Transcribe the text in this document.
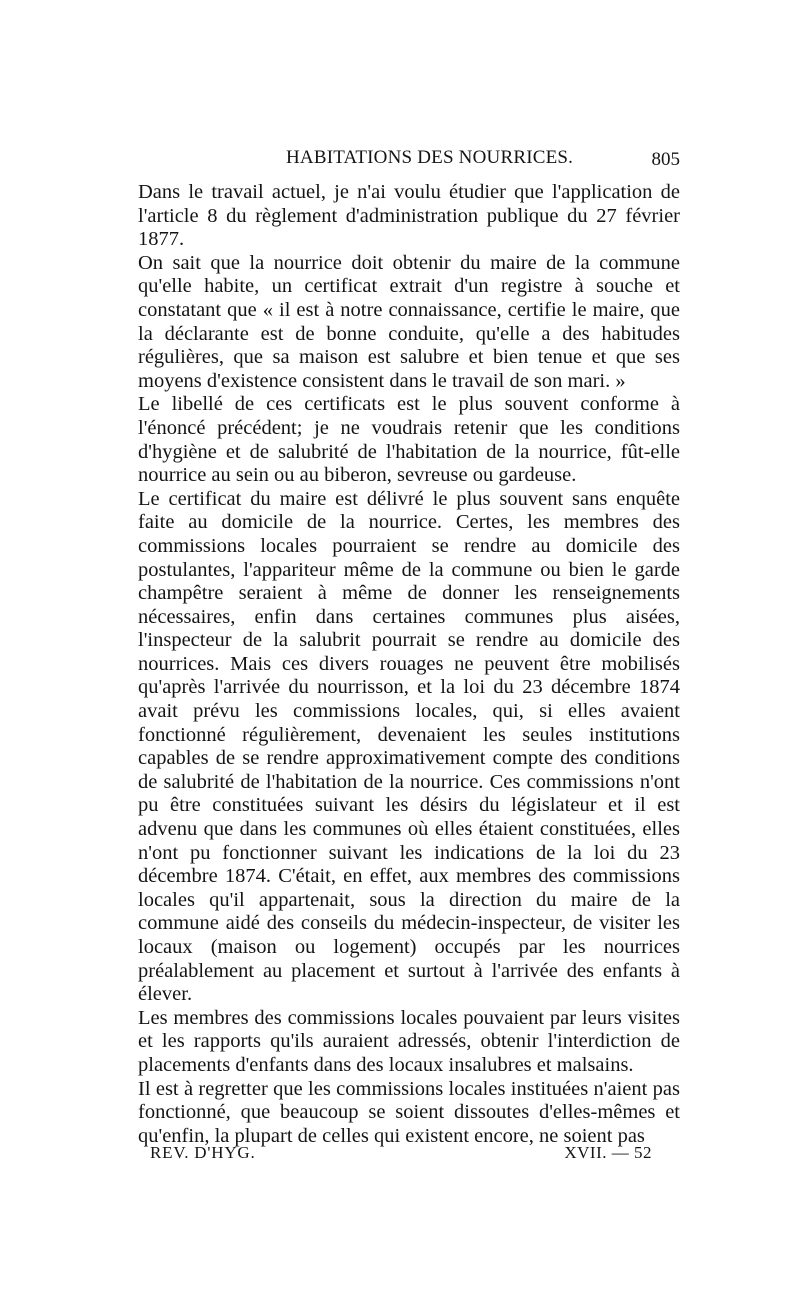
HABITATIONS DES NOURRICES.	805

Dans le travail actuel, je n'ai voulu étudier que l'application de l'article 8 du règlement d'administration publique du 27 février 1877.

On sait que la nourrice doit obtenir du maire de la commune qu'elle habite, un certificat extrait d'un registre à souche et constatant que « il est à notre connaissance, certifie le maire, que la déclarante est de bonne conduite, qu'elle a des habitudes régulières, que sa maison est salubre et bien tenue et que ses moyens d'existence consistent dans le travail de son mari. »

Le libellé de ces certificats est le plus souvent conforme à l'énoncé précédent; je ne voudrais retenir que les conditions d'hygiène et de salubrité de l'habitation de la nourrice, fût-elle nourrice au sein ou au biberon, sevreuse ou gardeuse.

Le certificat du maire est délivré le plus souvent sans enquête faite au domicile de la nourrice. Certes, les membres des commissions locales pourraient se rendre au domicile des postulantes, l'appariteur même de la commune ou bien le garde champêtre seraient à même de donner les renseignements nécessaires, enfin dans certaines communes plus aisées, l'inspecteur de la salubrit pourrait se rendre au domicile des nourrices. Mais ces divers rouages ne peuvent être mobilisés qu'après l'arrivée du nourrisson, et la loi du 23 décembre 1874 avait prévu les commissions locales, qui, si elles avaient fonctionné régulièrement, devenaient les seules institutions capables de se rendre approximativement compte des conditions de salubrité de l'habitation de la nourrice. Ces commissions n'ont pu être constituées suivant les désirs du législateur et il est advenu que dans les communes où elles étaient constituées, elles n'ont pu fonctionner suivant les indications de la loi du 23 décembre 1874. C'était, en effet, aux membres des commissions locales qu'il appartenait, sous la direction du maire de la commune aidé des conseils du médecin-inspecteur, de visiter les locaux (maison ou logement) occupés par les nourrices préalablement au placement et surtout à l'arrivée des enfants à élever.

Les membres des commissions locales pouvaient par leurs visites et les rapports qu'ils auraient adressés, obtenir l'interdiction de placements d'enfants dans des locaux insalubres et malsains.

Il est à regretter que les commissions locales instituées n'aient pas fonctionné, que beaucoup se soient dissoutes d'elles-mêmes et qu'enfin, la plupart de celles qui existent encore, ne soient pas

REV. D'HYG.	XVII. — 52
